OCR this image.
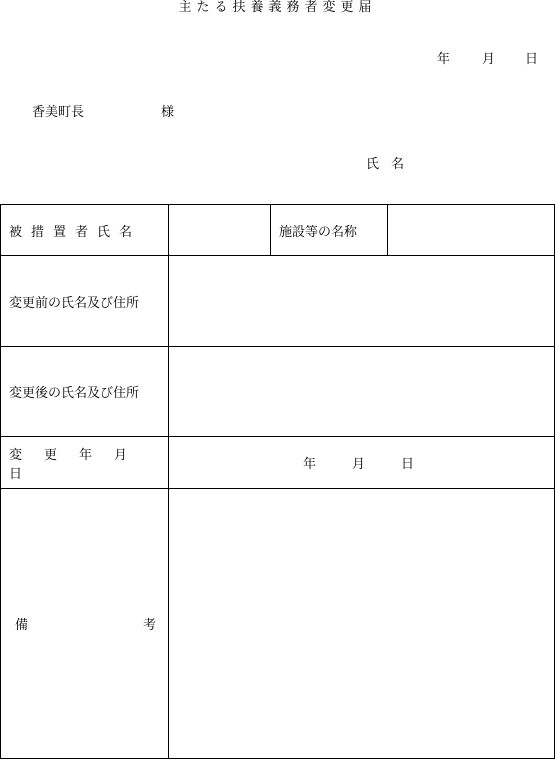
主たる扶養義務者変更届
年 月 日
香美町長	様
氏名
被措置者氏名		施設等の名称	
変更前の氏名及び住所			
変更後の氏名及び住所			
変更年月日	年 月 日		

備 考			
